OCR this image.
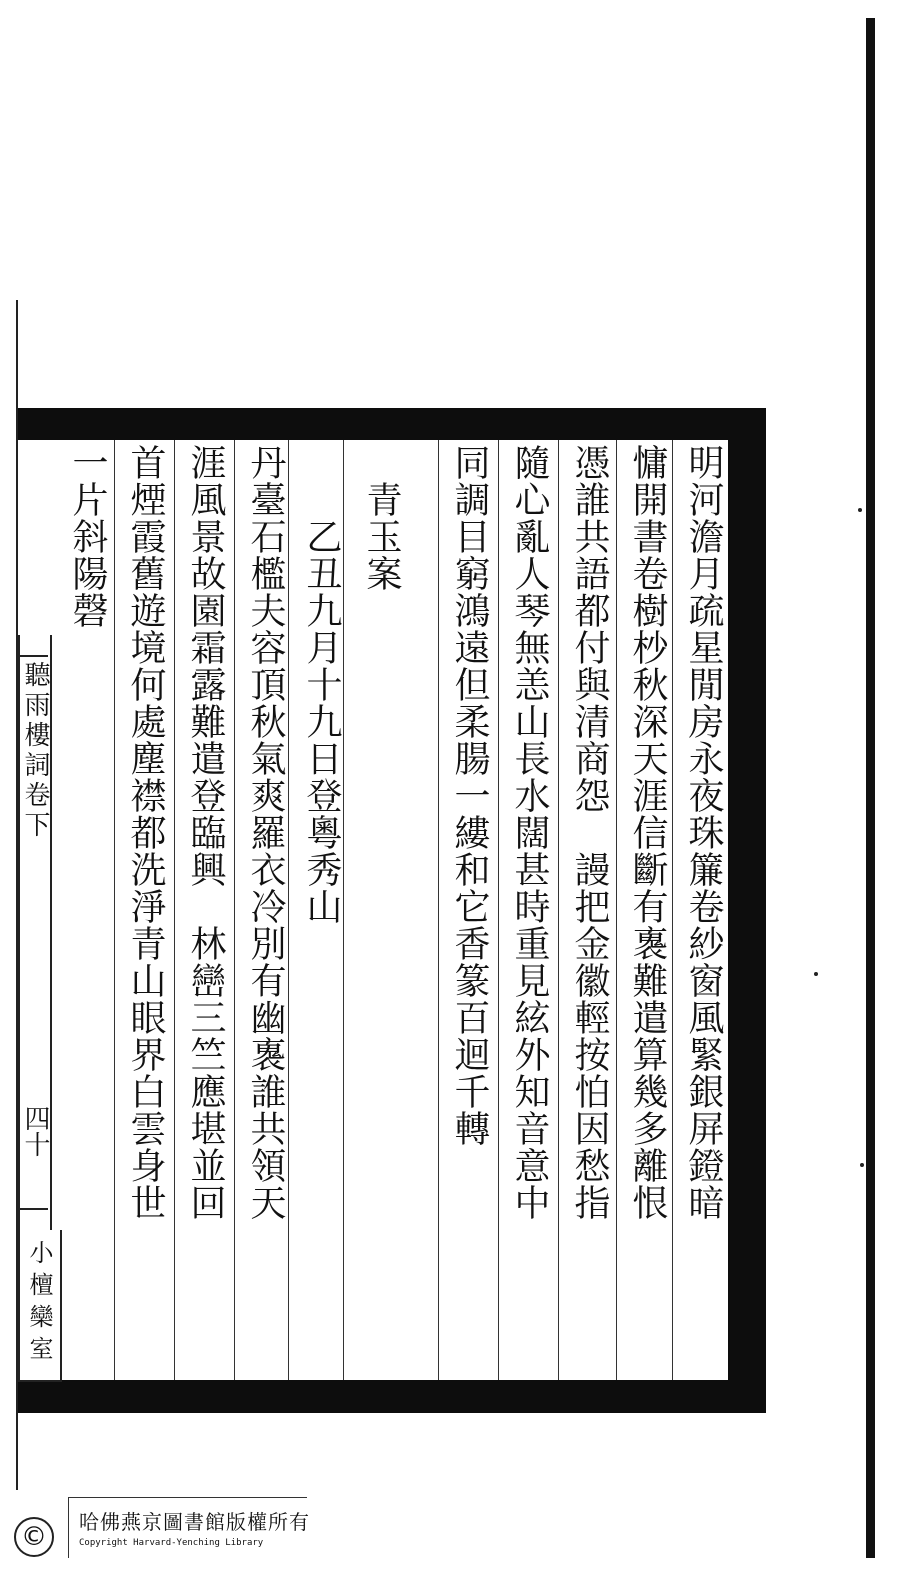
明河澹月疏星閒房永夜珠簾卷紗窗風緊銀屏鐙暗
慵開書卷樹杪秋深天涯信斷有褢難遣算幾多離恨
憑誰共語都付與清商怨　謾把金徽輕按怕因愁指
隨心亂人琴無恙山長水闊甚時重見絃外知音意中
同調目窮鴻遠但柔腸一縷和它香篆百迴千轉
　青玉案
　　乙丑九月十九日登粵秀山
丹臺石檻夫容頂秋氣爽羅衣冷別有幽褢誰共領天
涯風景故園霜露難遣登臨興　林巒三竺應堪並回
首煙霞舊遊境何處塵襟都洗淨青山眼界白雲身世
一片斜陽磬
聽雨樓詞卷下
四十
小檀欒室
©	哈佛燕京圖書館版權所有
Copyright Harvard-Yenching Library
